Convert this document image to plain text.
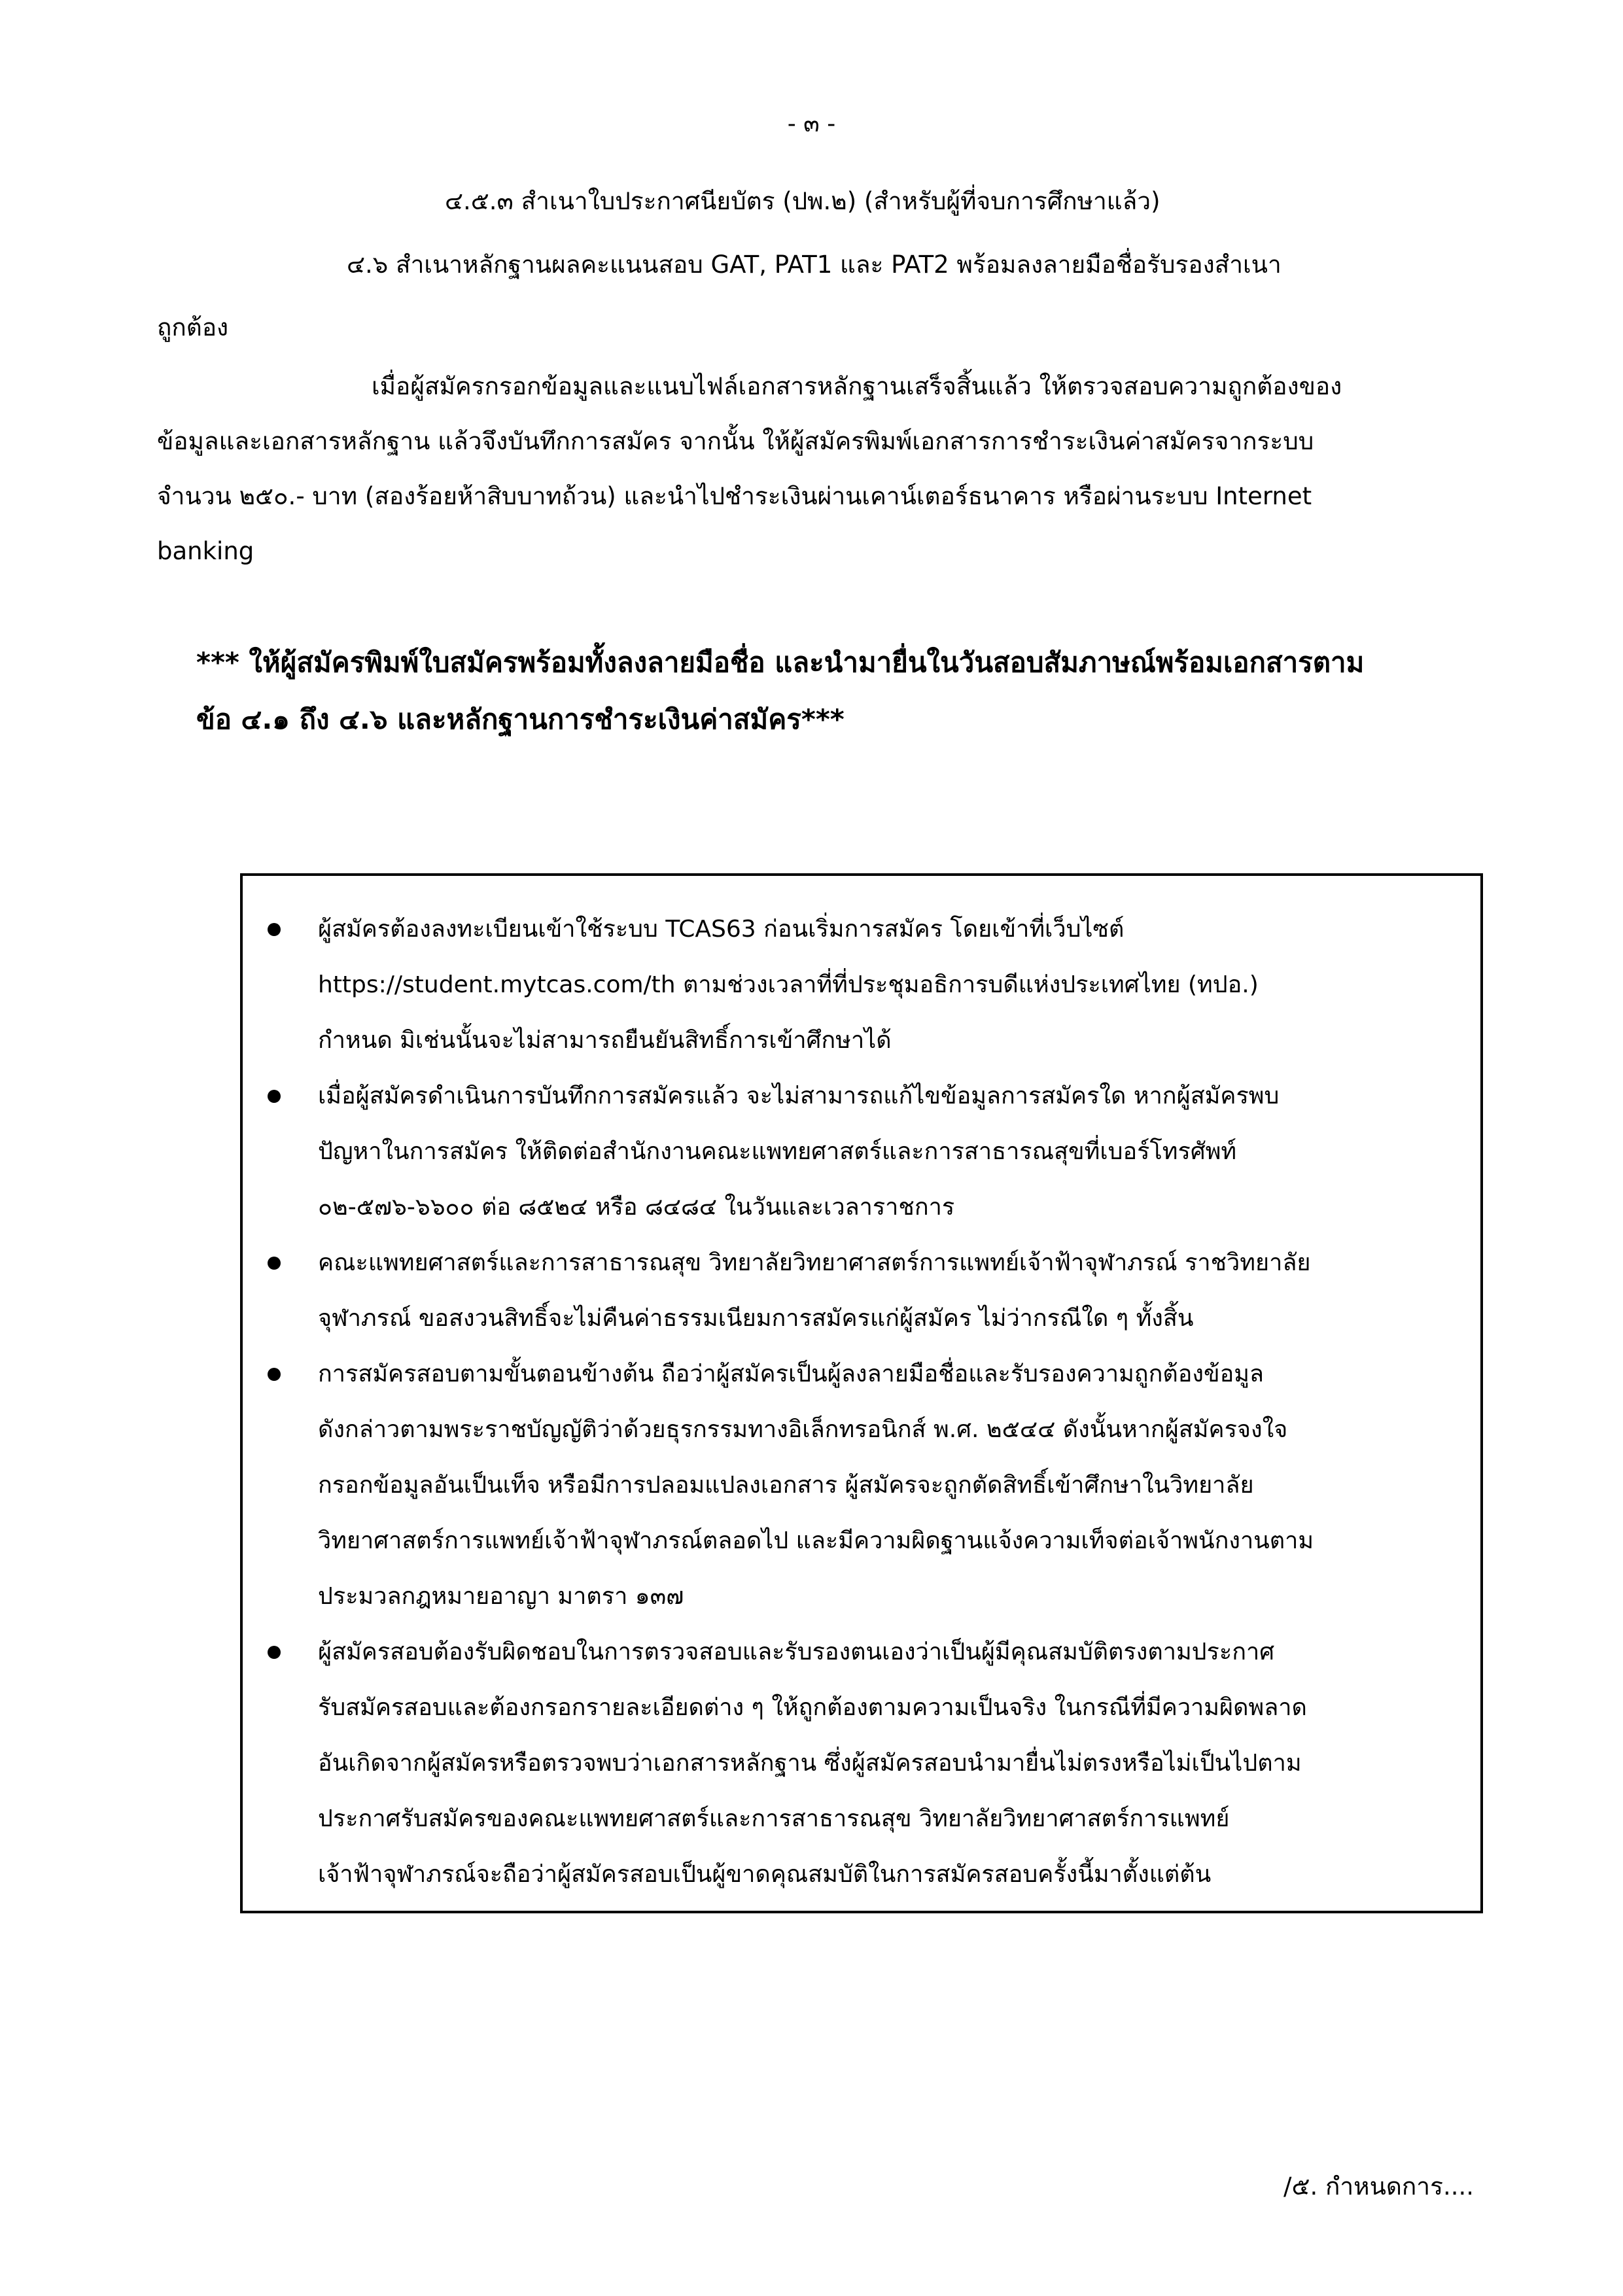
- ๓ -
๔.๕.๓ สำเนาใบประกาศนียบัตร (ปพ.๒) (สำหรับผู้ที่จบการศึกษาแล้ว)
๔.๖ สำเนาหลักฐานผลคะแนนสอบ GAT, PAT1 และ PAT2 พร้อมลงลายมือชื่อรับรองสำเนา
ถูกต้อง
เมื่อผู้สมัครกรอกข้อมูลและแนบไฟล์เอกสารหลักฐานเสร็จสิ้นแล้ว ให้ตรวจสอบความถูกต้องของ
ข้อมูลและเอกสารหลักฐาน แล้วจึงบันทึกการสมัคร จากนั้น ให้ผู้สมัครพิมพ์เอกสารการชำระเงินค่าสมัครจากระบบ
จำนวน ๒๕๐.- บาท (สองร้อยห้าสิบบาทถ้วน) และนำไปชำระเงินผ่านเคาน์เตอร์ธนาคาร หรือผ่านระบบ Internet
banking
*** ให้ผู้สมัครพิมพ์ใบสมัครพร้อมทั้งลงลายมือชื่อ และนำมายื่นในวันสอบสัมภาษณ์พร้อมเอกสารตาม
ข้อ ๔.๑ ถึง ๔.๖ และหลักฐานการชำระเงินค่าสมัคร***
ผู้สมัครต้องลงทะเบียนเข้าใช้ระบบ TCAS63 ก่อนเริ่มการสมัคร โดยเข้าที่เว็บไซต์
https://student.mytcas.com/th ตามช่วงเวลาที่ที่ประชุมอธิการบดีแห่งประเทศไทย (ทปอ.)
กำหนด มิเช่นนั้นจะไม่สามารถยืนยันสิทธิ์การเข้าศึกษาได้
เมื่อผู้สมัครดำเนินการบันทึกการสมัครแล้ว จะไม่สามารถแก้ไขข้อมูลการสมัครใด หากผู้สมัครพบ
ปัญหาในการสมัคร ให้ติดต่อสำนักงานคณะแพทยศาสตร์และการสาธารณสุขที่เบอร์โทรศัพท์
๐๒-๕๗๖-๖๖๐๐ ต่อ ๘๕๒๔ หรือ ๘๔๘๔ ในวันและเวลาราชการ
คณะแพทยศาสตร์และการสาธารณสุข วิทยาลัยวิทยาศาสตร์การแพทย์เจ้าฟ้าจุฬาภรณ์ ราชวิทยาลัย
จุฬาภรณ์ ขอสงวนสิทธิ์จะไม่คืนค่าธรรมเนียมการสมัครแก่ผู้สมัคร ไม่ว่ากรณีใด ๆ ทั้งสิ้น
การสมัครสอบตามขั้นตอนข้างต้น ถือว่าผู้สมัครเป็นผู้ลงลายมือชื่อและรับรองความถูกต้องข้อมูล
ดังกล่าวตามพระราชบัญญัติว่าด้วยธุรกรรมทางอิเล็กทรอนิกส์ พ.ศ. ๒๕๔๔ ดังนั้นหากผู้สมัครจงใจ
กรอกข้อมูลอันเป็นเท็จ หรือมีการปลอมแปลงเอกสาร ผู้สมัครจะถูกตัดสิทธิ์เข้าศึกษาในวิทยาลัย
วิทยาศาสตร์การแพทย์เจ้าฟ้าจุฬาภรณ์ตลอดไป และมีความผิดฐานแจ้งความเท็จต่อเจ้าพนักงานตาม
ประมวลกฎหมายอาญา มาตรา ๑๓๗
ผู้สมัครสอบต้องรับผิดชอบในการตรวจสอบและรับรองตนเองว่าเป็นผู้มีคุณสมบัติตรงตามประกาศ
รับสมัครสอบและต้องกรอกรายละเอียดต่าง ๆ ให้ถูกต้องตามความเป็นจริง ในกรณีที่มีความผิดพลาด
อันเกิดจากผู้สมัครหรือตรวจพบว่าเอกสารหลักฐาน ซึ่งผู้สมัครสอบนำมายื่นไม่ตรงหรือไม่เป็นไปตาม
ประกาศรับสมัครของคณะแพทยศาสตร์และการสาธารณสุข วิทยาลัยวิทยาศาสตร์การแพทย์
เจ้าฟ้าจุฬาภรณ์จะถือว่าผู้สมัครสอบเป็นผู้ขาดคุณสมบัติในการสมัครสอบครั้งนี้มาตั้งแต่ต้น
/๕. กำหนดการ....
